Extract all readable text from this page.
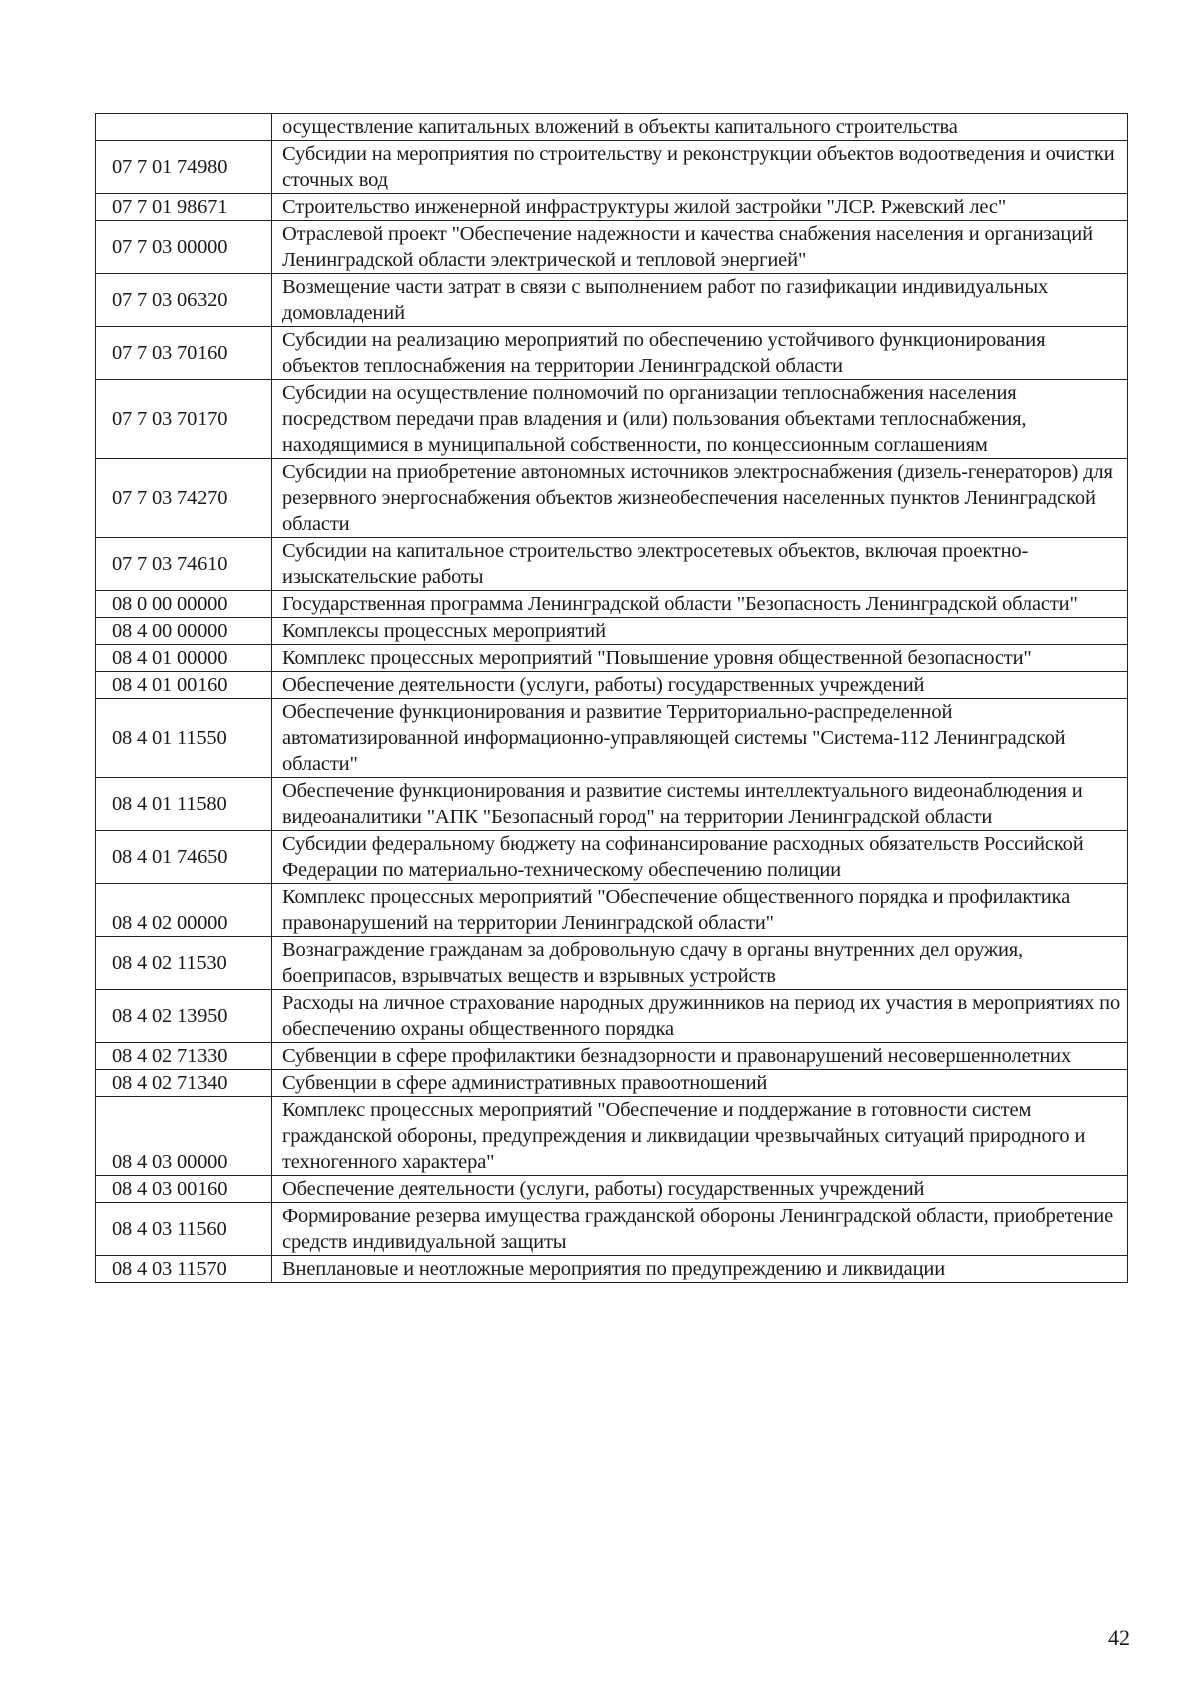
	осуществление капитальных вложений в объекты капитального строительства
07 7 01 74980	Субсидии на мероприятия по строительству и реконструкции объектов водоотведения и очистки сточных вод
07 7 01 98671	Строительство инженерной инфраструктуры жилой застройки "ЛСР. Ржевский лес"
07 7 03 00000	Отраслевой проект "Обеспечение надежности и качества снабжения населения и организаций Ленинградской области электрической и тепловой энергией"
07 7 03 06320	Возмещение части затрат в связи с выполнением работ по газификации индивидуальных домовладений
07 7 03 70160	Субсидии на реализацию мероприятий по обеспечению устойчивого функционирования объектов теплоснабжения на территории Ленинградской области
07 7 03 70170	Субсидии на осуществление полномочий по организации теплоснабжения населения посредством передачи прав владения и (или) пользования объектами теплоснабжения, находящимися в муниципальной собственности, по концессионным соглашениям
07 7 03 74270	Субсидии на приобретение автономных источников электроснабжения (дизель-генераторов) для резервного энергоснабжения объектов жизнеобеспечения населенных пунктов Ленинградской области
07 7 03 74610	Субсидии на капитальное строительство электросетевых объектов, включая проектно-изыскательские работы
08 0 00 00000	Государственная программа Ленинградской области "Безопасность Ленинградской области"
08 4 00 00000	Комплексы процессных мероприятий
08 4 01 00000	Комплекс процессных мероприятий "Повышение уровня общественной безопасности"
08 4 01 00160	Обеспечение деятельности (услуги, работы) государственных учреждений
08 4 01 11550	Обеспечение функционирования и развитие Территориально-распределенной автоматизированной информационно-управляющей системы "Система-112 Ленинградской области"
08 4 01 11580	Обеспечение функционирования и развитие системы интеллектуального видеонаблюдения и видеоаналитики "АПК "Безопасный город" на территории Ленинградской области
08 4 01 74650	Субсидии федеральному бюджету на софинансирование расходных обязательств Российской Федерации по материально-техническому обеспечению полиции
08 4 02 00000	Комплекс процессных мероприятий "Обеспечение общественного порядка и профилактика правонарушений на территории Ленинградской области"
08 4 02 11530	Вознаграждение гражданам за добровольную сдачу в органы внутренних дел оружия, боеприпасов, взрывчатых веществ и взрывных устройств
08 4 02 13950	Расходы на личное страхование народных дружинников на период их участия в мероприятиях по обеспечению охраны общественного порядка
08 4 02 71330	Субвенции в сфере профилактики безнадзорности и правонарушений несовершеннолетних
08 4 02 71340	Субвенции в сфере административных правоотношений
08 4 03 00000	Комплекс процессных мероприятий "Обеспечение и поддержание в готовности систем гражданской обороны, предупреждения и ликвидации чрезвычайных ситуаций природного и техногенного характера"
08 4 03 00160	Обеспечение деятельности (услуги, работы) государственных учреждений
08 4 03 11560	Формирование резерва имущества гражданской обороны Ленинградской области, приобретение средств индивидуальной защиты
08 4 03 11570	Внеплановые и неотложные мероприятия по предупреждению и ликвидации
42
